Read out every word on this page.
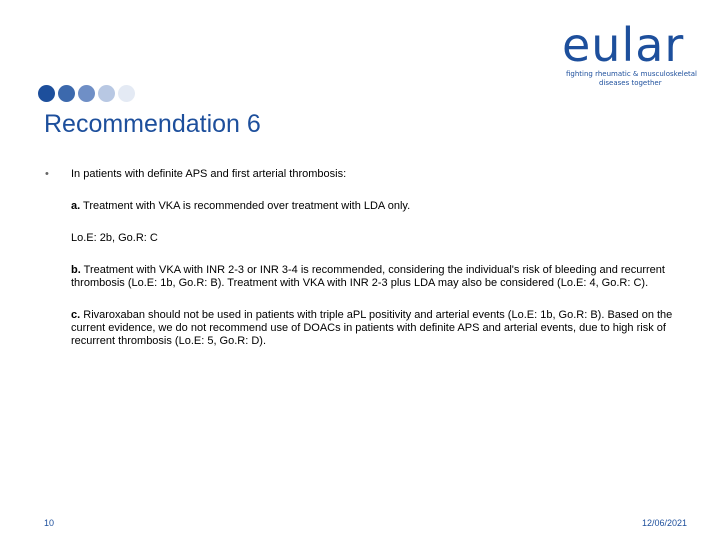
eular
fighting rheumatic & musculoskeletal
diseases together
Recommendation 6
• In patients with definite APS and first arterial thrombosis:

a. Treatment with VKA is recommended over treatment with LDA only.

Lo.E: 2b, Go.R: C

b. Treatment with VKA with INR 2-3 or INR 3-4 is recommended, considering the individual's risk of bleeding and recurrent thrombosis (Lo.E: 1b, Go.R: B). Treatment with VKA with INR 2-3 plus LDA may also be considered (Lo.E: 4, Go.R: C).

c. Rivaroxaban should not be used in patients with triple aPL positivity and arterial events (Lo.E: 1b, Go.R: B). Based on the current evidence, we do not recommend use of DOACs in patients with definite APS and arterial events, due to high risk of recurrent thrombosis (Lo.E: 5, Go.R: D).

10	12/06/2021
